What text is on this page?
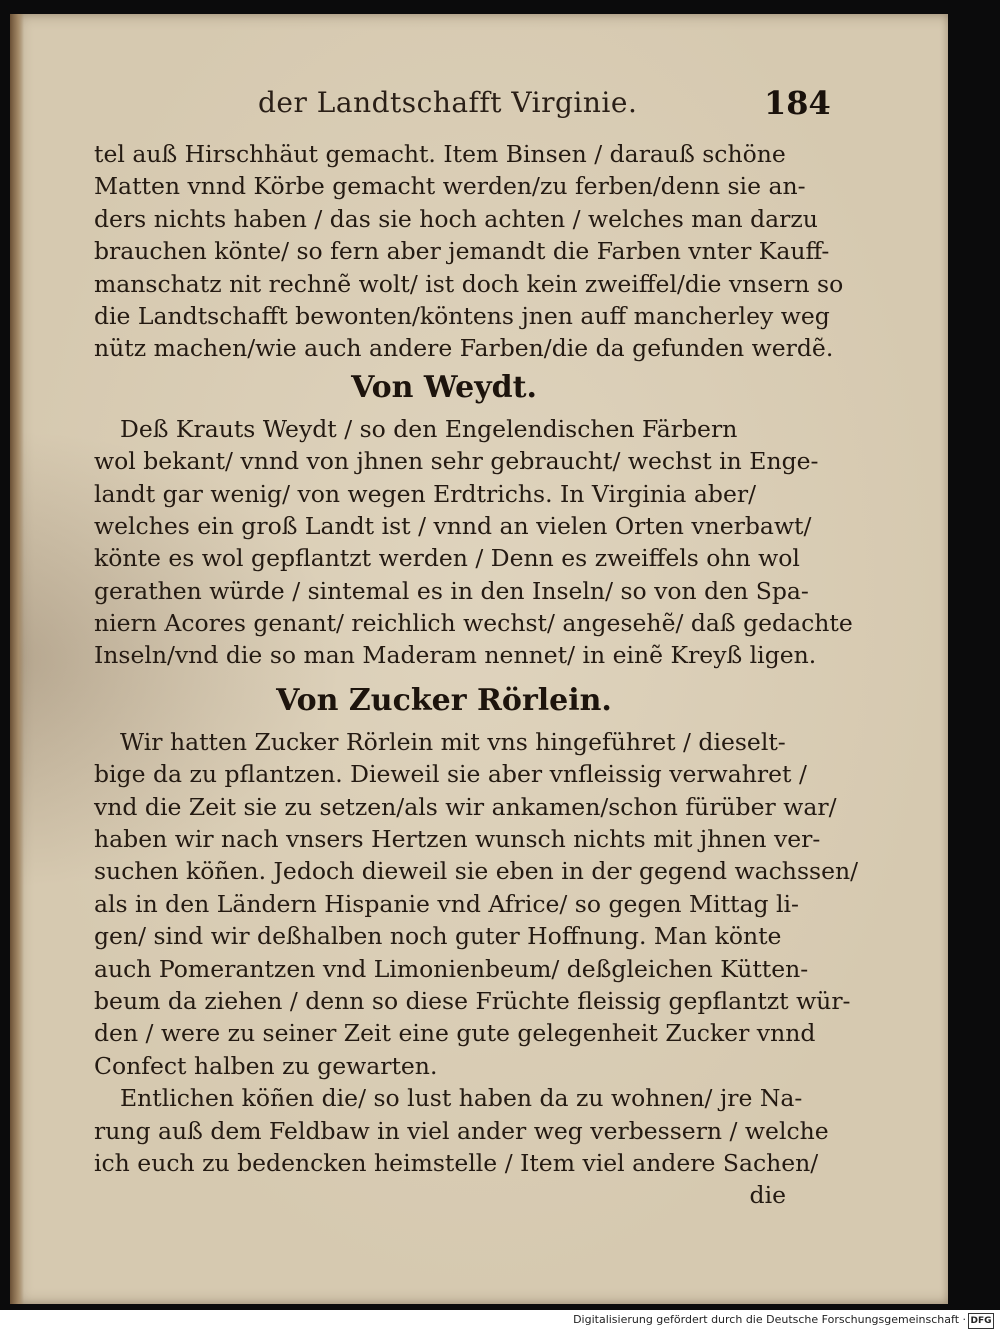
der Landtschafft Virginie.	184
tel auß Hirschhäut gemacht. Item Binsen / darauß schöne
Matten vnnd Körbe gemacht werden/zu ferben/denn sie an-
ders nichts haben / das sie hoch achten / welches man darzu
brauchen könte/ so fern aber jemandt die Farben vnter Kauff-
manschatz nit rechnẽ wolt/ ist doch kein zweiffel/die vnsern so
die Landtschafft bewonten/köntens jnen auff mancherley weg
nütz machen/wie auch andere Farben/die da gefunden werdẽ.
Von Weydt.
Deß Krauts Weydt / so den Engelendischen Färbern
wol bekant/ vnnd von jhnen sehr gebraucht/ wechst in Enge-
landt gar wenig/ von wegen Erdtrichs. In Virginia aber/
welches ein groß Landt ist / vnnd an vielen Orten vnerbawt/
könte es wol gepflantzt werden / Denn es zweiffels ohn wol
gerathen würde / sintemal es in den Inseln/ so von den Spa-
niern Acores genant/ reichlich wechst/ angesehẽ/ daß gedachte
Inseln/vnd die so man Maderam nennet/ in einẽ Kreyß ligen.
Von Zucker Rörlein.
Wir hatten Zucker Rörlein mit vns hingeführet / dieselt-
bige da zu pflantzen. Dieweil sie aber vnfleissig verwahret /
vnd die Zeit sie zu setzen/als wir ankamen/schon fürüber war/
haben wir nach vnsers Hertzen wunsch nichts mit jhnen ver-
suchen köñen. Jedoch dieweil sie eben in der gegend wachssen/
als in den Ländern Hispanie vnd Africe/ so gegen Mittag li-
gen/ sind wir deßhalben noch guter Hoffnung. Man könte
auch Pomerantzen vnd Limonienbeum/ deßgleichen Kütten-
beum da ziehen / denn so diese Früchte fleissig gepflantzt wür-
den / were zu seiner Zeit eine gute gelegenheit Zucker vnnd
Confect halben zu gewarten.
Entlichen köñen die/ so lust haben da zu wohnen/ jre Na-
rung auß dem Feldbaw in viel ander weg verbessern / welche
ich euch zu bedencken heimstelle / Item viel andere Sachen/
die
Digitalisierung gefördert durch die Deutsche Forschungsgemeinschaft · DFG
